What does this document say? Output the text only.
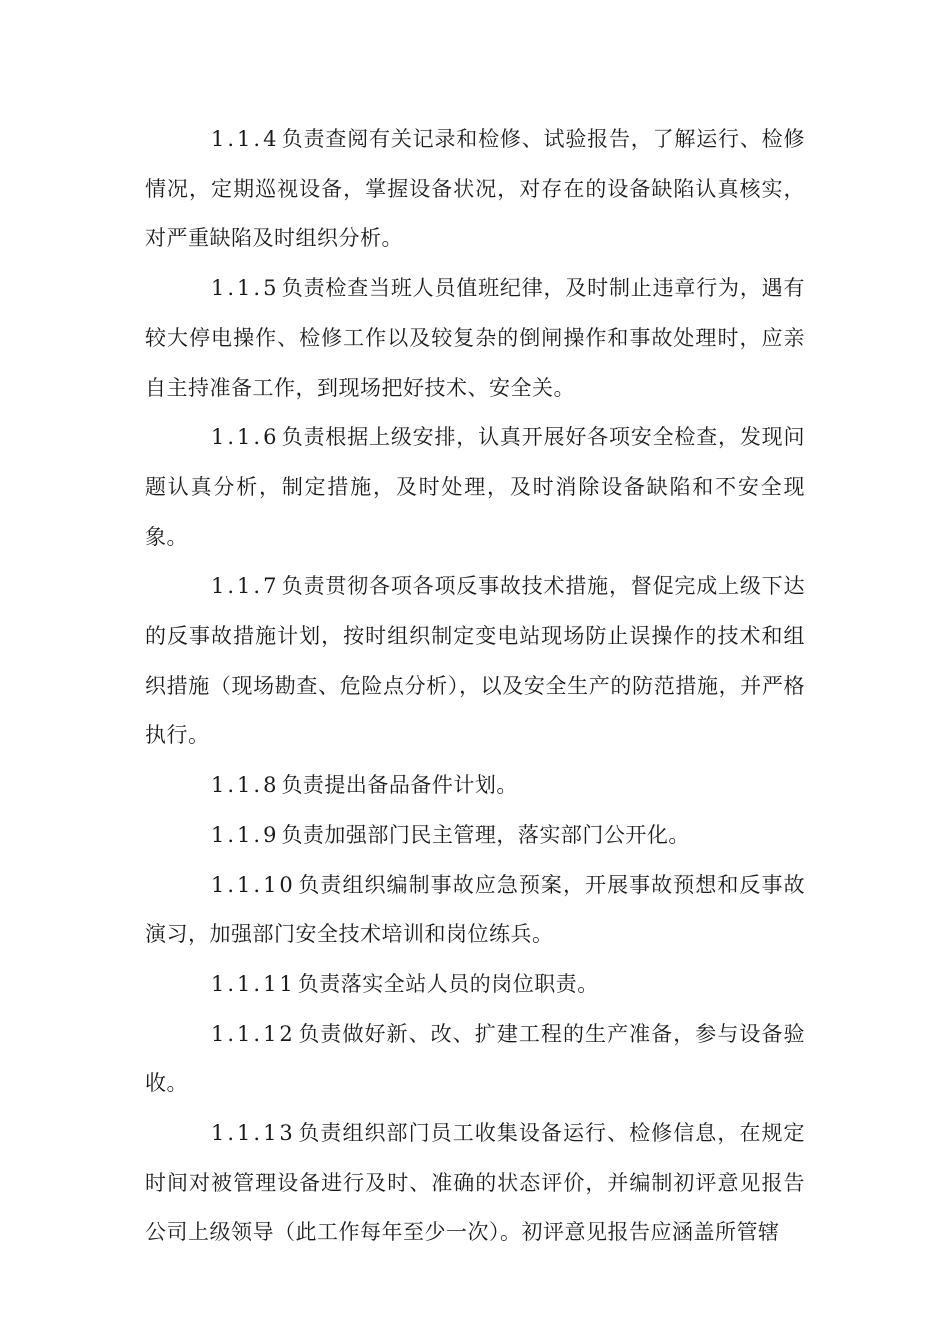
1.1.4负责查阅有关记录和检修、试验报告，了解运行、检修情况，定期巡视设备，掌握设备状况，对存在的设备缺陷认真核实，对严重缺陷及时组织分析。

1.1.5负责检查当班人员值班纪律，及时制止违章行为，遇有较大停电操作、检修工作以及较复杂的倒闸操作和事故处理时，应亲自主持准备工作，到现场把好技术、安全关。

1.1.6负责根据上级安排，认真开展好各项安全检查，发现问题认真分析，制定措施，及时处理，及时消除设备缺陷和不安全现象。

1.1.7负责贯彻各项各项反事故技术措施，督促完成上级下达的反事故措施计划，按时组织制定变电站现场防止误操作的技术和组织措施（现场勘查、危险点分析），以及安全生产的防范措施，并严格执行。

1.1.8负责提出备品备件计划。

1.1.9负责加强部门民主管理，落实部门公开化。

1.1.10负责组织编制事故应急预案，开展事故预想和反事故演习，加强部门安全技术培训和岗位练兵。

1.1.11负责落实全站人员的岗位职责。

1.1.12负责做好新、改、扩建工程的生产准备，参与设备验收。

1.1.13负责组织部门员工收集设备运行、检修信息，在规定时间对被管理设备进行及时、准确的状态评价，并编制初评意见报告公司上级领导（此工作每年至少一次）。初评意见报告应涵盖所管辖
